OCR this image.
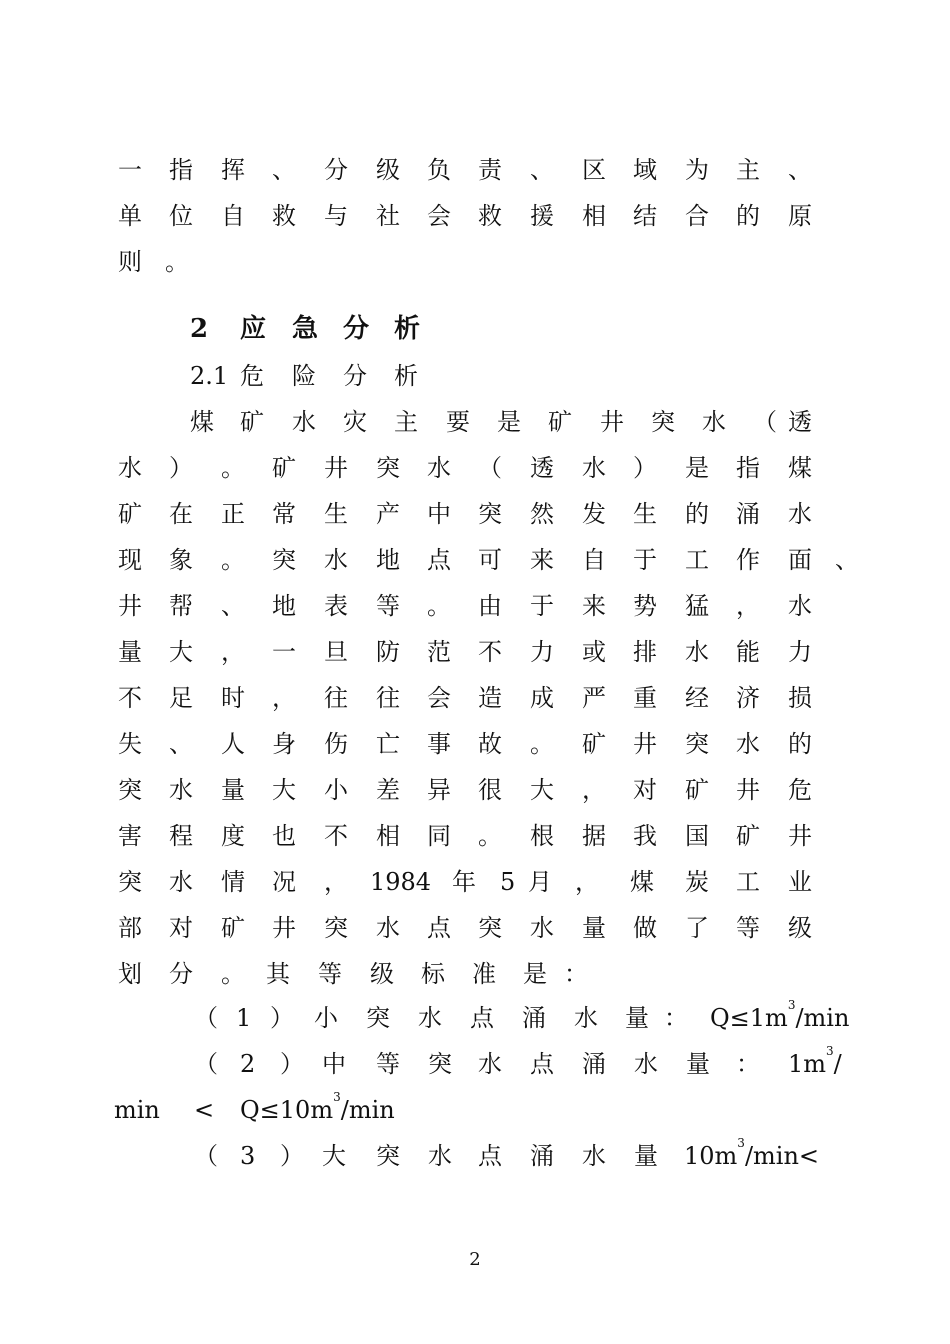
一 指 挥 、 分 级 负 责 、 区 域 为 主 、
单 位 自 救 与 社 会 救 援 相 结 合 的 原
则 。
2 应 急 分 析
2.1 危 险 分 析
煤 矿 水 灾 主 要 是 矿 井 突 水 （ 透
水 ） 。 矿 井 突 水 （ 透 水 ） 是 指 煤
矿 在 正 常 生 产 中 突 然 发 生 的 涌 水
现 象 。 突 水 地 点 可 来 自 于 工 作 面 、
井 帮 、 地 表 等 。 由 于 来 势 猛 ， 水
量 大 ， 一 旦 防 范 不 力 或 排 水 能 力
不 足 时 ， 往 往 会 造 成 严 重 经 济 损
失 、 人 身 伤 亡 事 故 。 矿 井 突 水 的
突 水 量 大 小 差 异 很 大 ， 对 矿 井 危
害 程 度 也 不 相 同 。 根 据 我 国 矿 井
突 水 情 况 ， 1984 年 5 月 ， 煤 炭 工 业
部 对 矿 井 突 水 点 突 水 量 做 了 等 级
划 分 。 其 等 级 标 准 是 ：
（ 1 ） 小 突 水 点 涌 水 量 ： $Q\le 1m^3/\min$
（ 2 ） 中 等 突 水 点 涌 水 量 ： $1m^3/$
$\min < Q\le 10m^3/\min$
（ 3 ） 大 突 水 点 涌 水 量 $10m^3/\min<$
2
